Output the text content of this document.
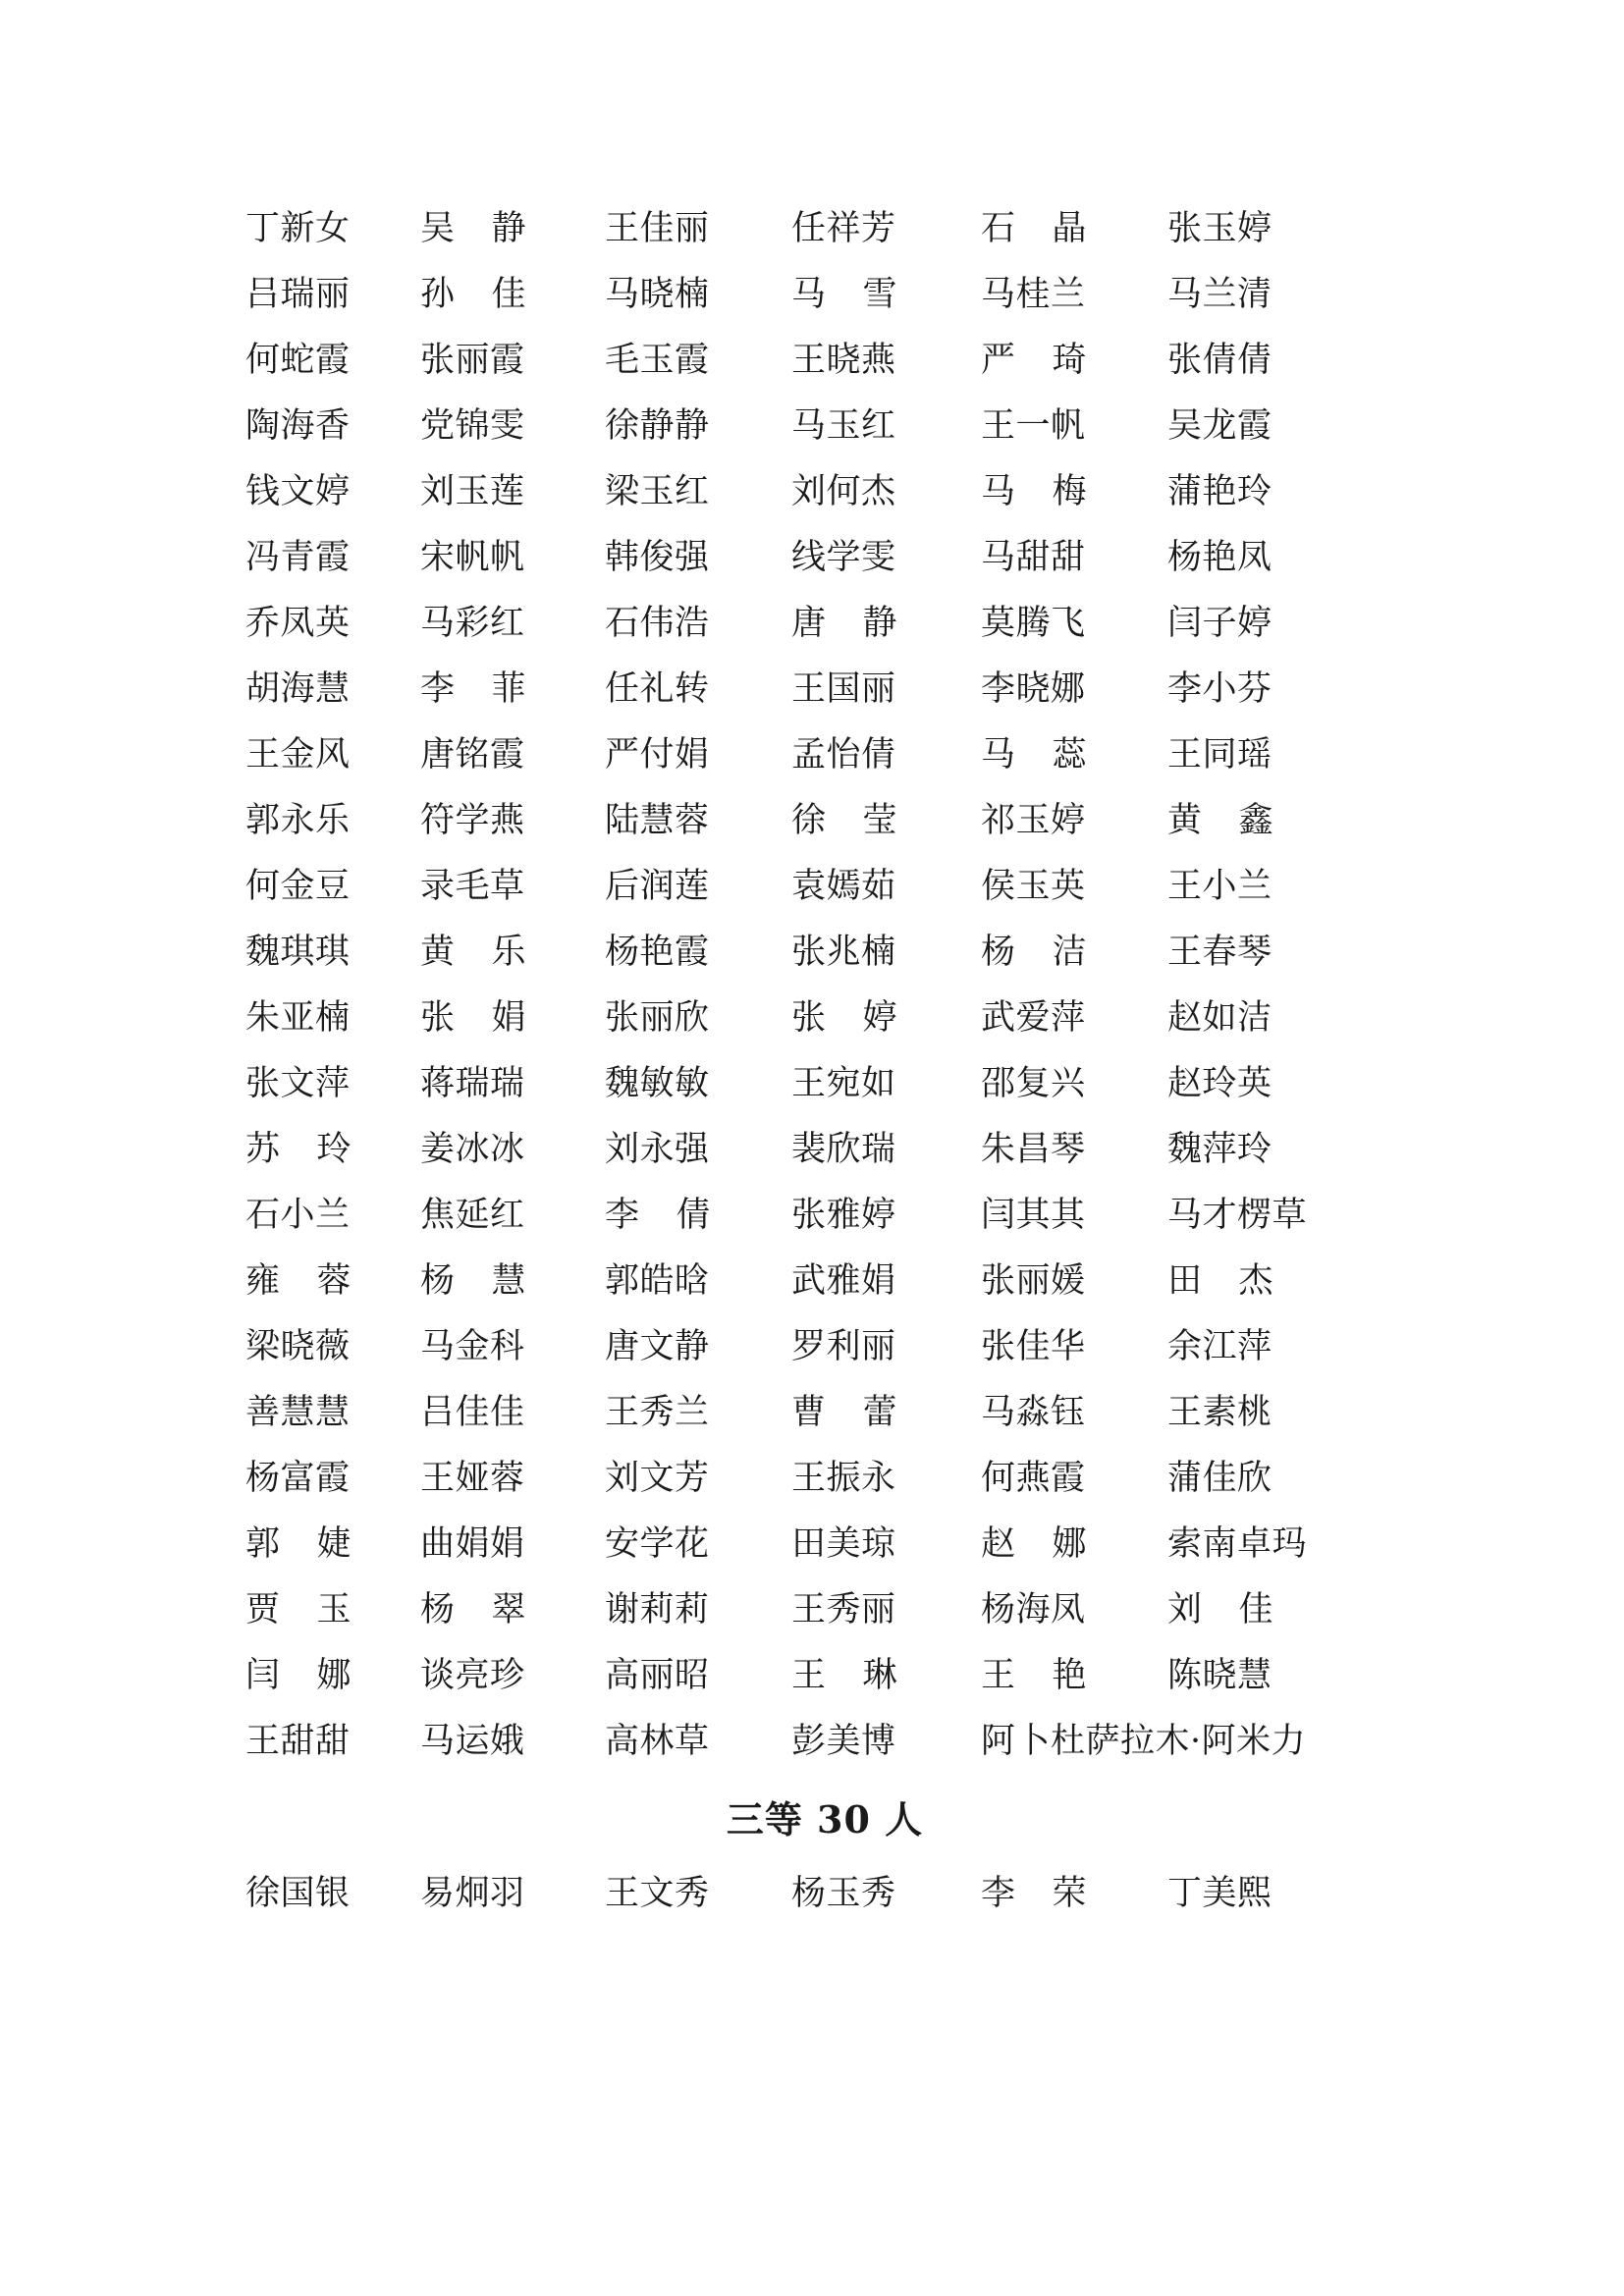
丁新女	吴静	王佳丽	任祥芳	石晶	张玉婷
吕瑞丽	孙佳	马晓楠	马雪	马桂兰	马兰清
何蛇霞	张丽霞	毛玉霞	王晓燕	严琦	张倩倩
陶海香	党锦雯	徐静静	马玉红	王一帆	吴龙霞
钱文婷	刘玉莲	梁玉红	刘何杰	马梅	蒲艳玲
冯青霞	宋帆帆	韩俊强	线学雯	马甜甜	杨艳凤
乔凤英	马彩红	石伟浩	唐静	莫腾飞	闫子婷
胡海慧	李菲	任礼转	王国丽	李晓娜	李小芬
王金风	唐铭霞	严付娟	孟怡倩	马蕊	王同瑶
郭永乐	符学燕	陆慧蓉	徐莹	祁玉婷	黄鑫
何金豆	录毛草	后润莲	袁嫣茹	侯玉英	王小兰
魏琪琪	黄乐	杨艳霞	张兆楠	杨洁	王春琴
朱亚楠	张娟	张丽欣	张婷	武爱萍	赵如洁
张文萍	蒋瑞瑞	魏敏敏	王宛如	邵复兴	赵玲英
苏玲	姜冰冰	刘永强	裴欣瑞	朱昌琴	魏萍玲
石小兰	焦延红	李倩	张雅婷	闫其其	马才楞草
雍蓉	杨慧	郭皓晗	武雅娟	张丽媛	田杰
梁晓薇	马金科	唐文静	罗利丽	张佳华	余江萍
善慧慧	吕佳佳	王秀兰	曹蕾	马淼钰	王素桃
杨富霞	王娅蓉	刘文芳	王振永	何燕霞	蒲佳欣
郭婕	曲娟娟	安学花	田美琼	赵娜	索南卓玛
贾玉	杨翠	谢莉莉	王秀丽	杨海凤	刘佳
闫娜	谈亮珍	高丽昭	王琳	王艳	陈晓慧
王甜甜	马运娥	高林草	彭美博	阿卜杜萨拉木·阿米力	
三等 30 人
徐国银	易炯羽	王文秀	杨玉秀	李荣	丁美熙
